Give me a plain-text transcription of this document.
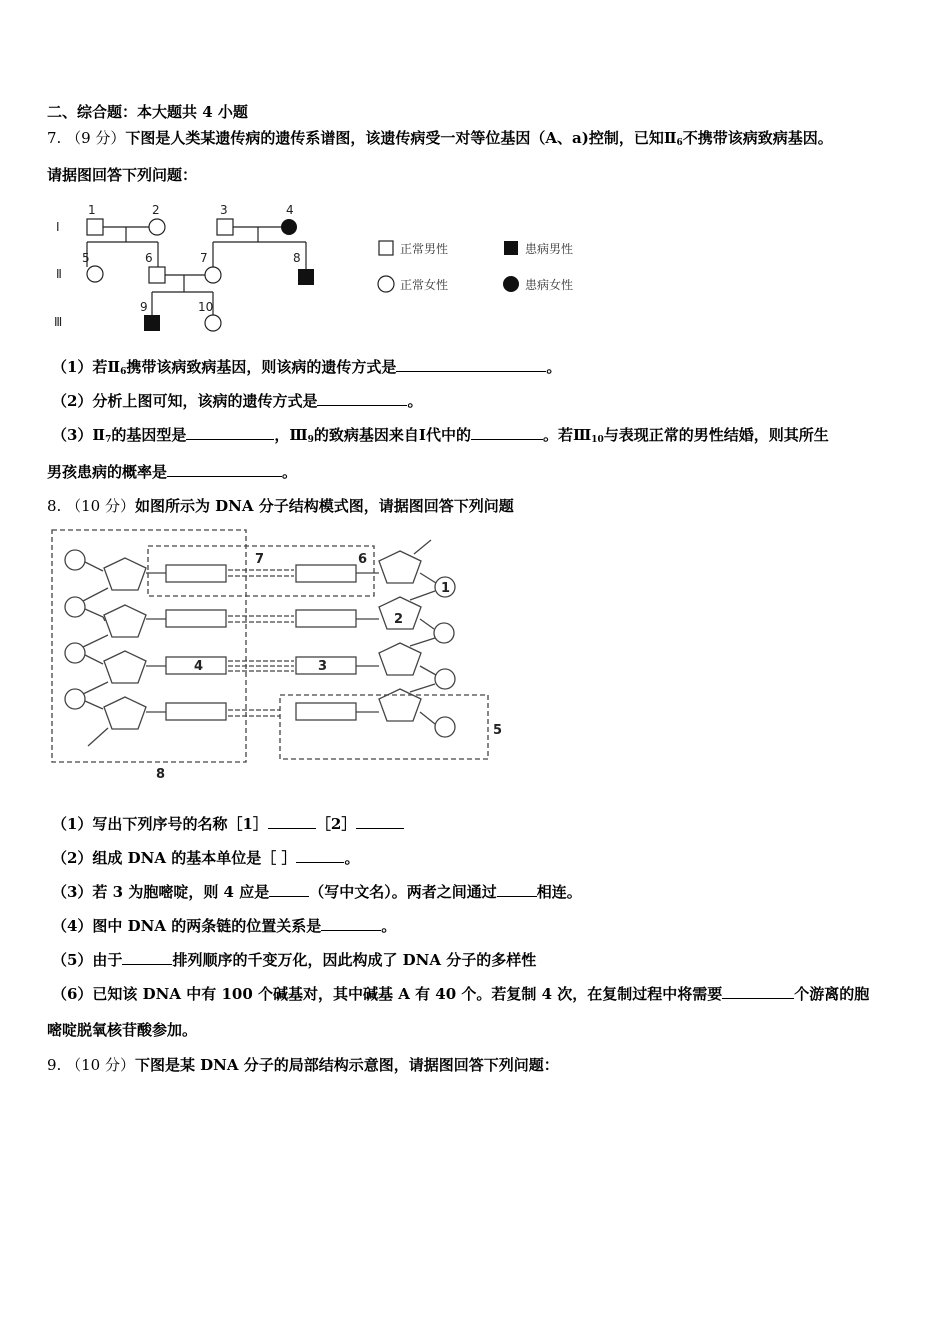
二、综合题：本大题共 4 小题
7. （9 分）下图是人类某遗传病的遗传系谱图，该遗传病受一对等位基因（A、a)控制，已知$Ⅱ_6$不携带该病致病基因。
请据图回答下列问题：
Ⅰ
Ⅱ
Ⅲ
1	2	3	4
5	6	7	8
9	10
正常男性	患病男性
正常女性	患病女性
（1）若$Ⅱ_6$携带该病致病基因，则该病的遗传方式是	。
（2）分析上图可知，该病的遗传方式是	。
$(3)Ⅱ_7$的基因型是	，$Ⅲ_9$的致病基因来自Ⅰ代中的	。若$Ⅲ_{10}$与表现正常的男性结婚，则其所生
男孩患病的概率是	。
8. （10 分）如图所示为 DNA 分子结构模式图，请据图回答下列问题
1
2
3
4
5
6
7
8
（1）写出下列序号的名称［1］	［2］
（2）组成 DNA 的基本单位是［ ］	。
（3）若 3 为胞嘧啶，则 4 应是	（写中文名）。两者之间通过	相连。
（4）图中 DNA 的两条链的位置关系是	。
（5）由于	排列顺序的千变万化，因此构成了 DNA 分子的多样性
（6）已知该 DNA 中有 100 个碱基对，其中碱基 A 有 40 个。若复制 4 次，在复制过程中将需要	个游离的胞
嘧啶脱氧核苷酸参加。
9. （10 分）下图是某 DNA 分子的局部结构示意图，请据图回答下列问题：
